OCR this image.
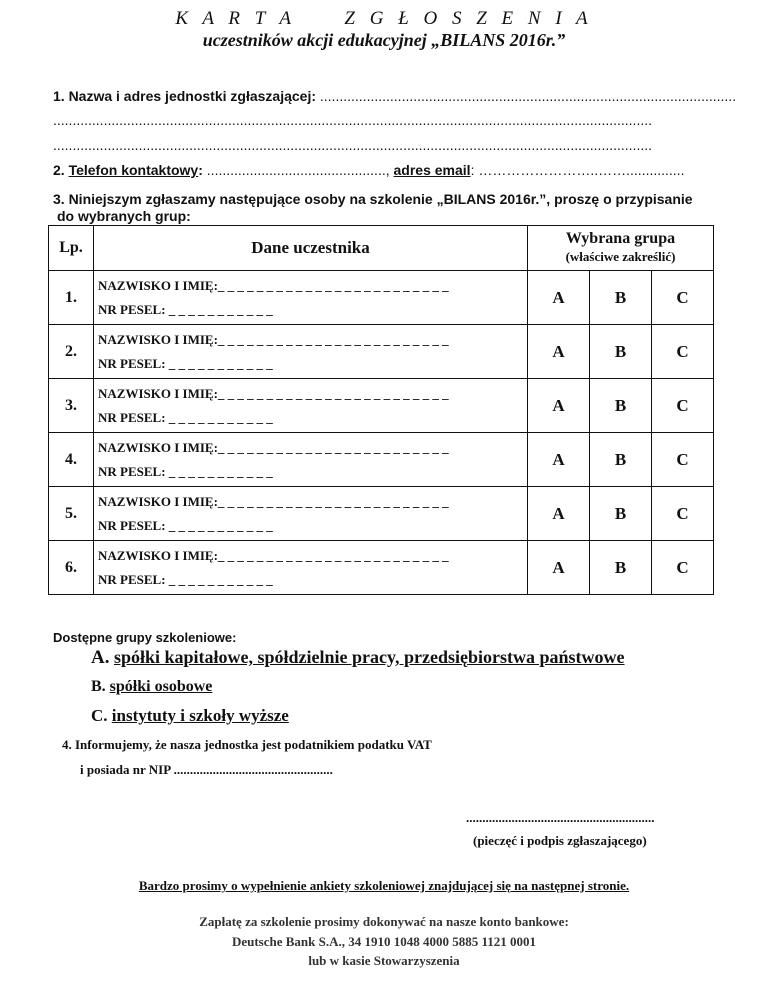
K A R T A     Z G Ł O S Z E N I A
uczestników akcji edukacyjnej „BILANS 2016r.”
1. Nazwa i adres jednostki zgłaszającej: ...........................................................................................................
..........................................................................................................................................................
..........................................................................................................................................................
2. Telefon kontaktowy: .............................................., adres email: ……………………..……...............
3. Niniejszym zgłaszamy następujące osoby na szkolenie „BILANS 2016r.”, proszę o przypisanie
do wybranych grup:
Lp.	Dane uczestnika	Wybrana grupa
(właściwe zakreślić)		
1.	NAZWISKO I IMIĘ:_ _ _ _ _ _ _ _ _ _ _ _ _ _ _ _ _ _ _ _ _ _ _ _
NR PESEL: _ _ _ _ _ _ _ _ _ _ _	A	B	C
2.	NAZWISKO I IMIĘ:_ _ _ _ _ _ _ _ _ _ _ _ _ _ _ _ _ _ _ _ _ _ _ _
NR PESEL: _ _ _ _ _ _ _ _ _ _ _	A	B	C
3.	NAZWISKO I IMIĘ:_ _ _ _ _ _ _ _ _ _ _ _ _ _ _ _ _ _ _ _ _ _ _ _
NR PESEL: _ _ _ _ _ _ _ _ _ _ _	A	B	C
4.	NAZWISKO I IMIĘ:_ _ _ _ _ _ _ _ _ _ _ _ _ _ _ _ _ _ _ _ _ _ _ _
NR PESEL: _ _ _ _ _ _ _ _ _ _ _	A	B	C
5.	NAZWISKO I IMIĘ:_ _ _ _ _ _ _ _ _ _ _ _ _ _ _ _ _ _ _ _ _ _ _ _
NR PESEL: _ _ _ _ _ _ _ _ _ _ _	A	B	C
6.	NAZWISKO I IMIĘ:_ _ _ _ _ _ _ _ _ _ _ _ _ _ _ _ _ _ _ _ _ _ _ _
NR PESEL: _ _ _ _ _ _ _ _ _ _ _	A	B	C
Dostępne grupy szkoleniowe:
A. spółki kapitałowe, spółdzielnie pracy, przedsiębiorstwa państwowe
B. spółki osobowe
C. instytuty i szkoły wyższe
4. Informujemy, że nasza jednostka jest podatnikiem podatku VAT
i posiada nr NIP .................................................
..........................................................
(pieczęć i podpis zgłaszającego)
Bardzo prosimy o wypełnienie ankiety szkoleniowej znajdującej się na następnej stronie.
Zapłatę za szkolenie prosimy dokonywać na nasze konto bankowe:
Deutsche Bank S.A., 34 1910 1048 4000 5885 1121 0001
lub w kasie Stowarzyszenia
